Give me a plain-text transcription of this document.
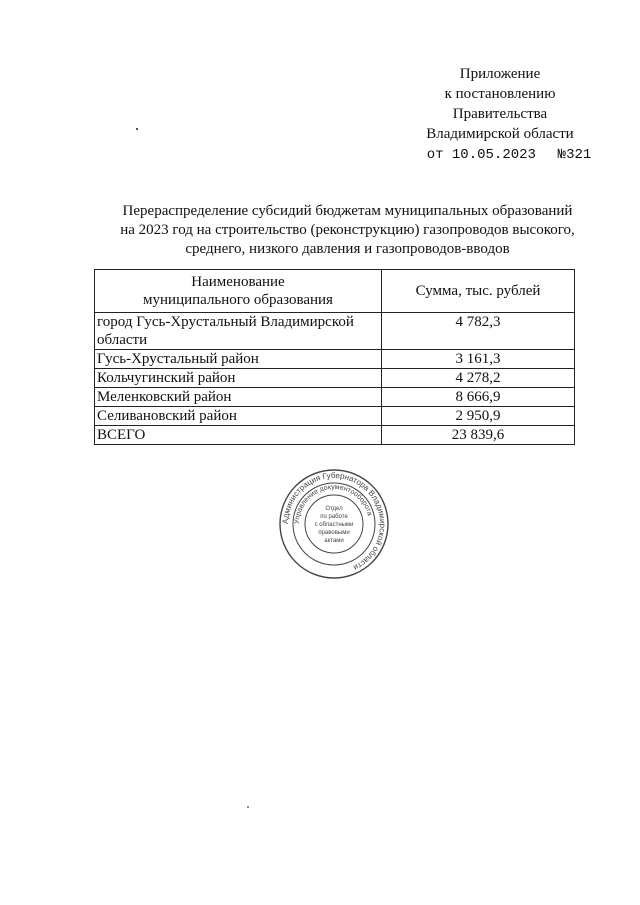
Приложение
к постановлению
Правительства
Владимирской области
от 10.05.2023 №321
Перераспределение субсидий бюджетам муниципальных образований
на 2023 год на строительство (реконструкцию) газопроводов высокого,
среднего, низкого давления и газопроводов-вводов
Наименование
муниципального образования	Сумма, тыс. рублей
город Гусь-Хрустальный Владимирской области	4 782,3
Гусь-Хрустальный район	3 161,3
Кольчугинский район	4 278,2
Меленковский район	8 666,9
Селивановский район	2 950,9
ВСЕГО	23 839,6
Администрация Губернатора Владимирской области
Управление документооборота
Отдел
по работе
с областными
правовыми
актами
